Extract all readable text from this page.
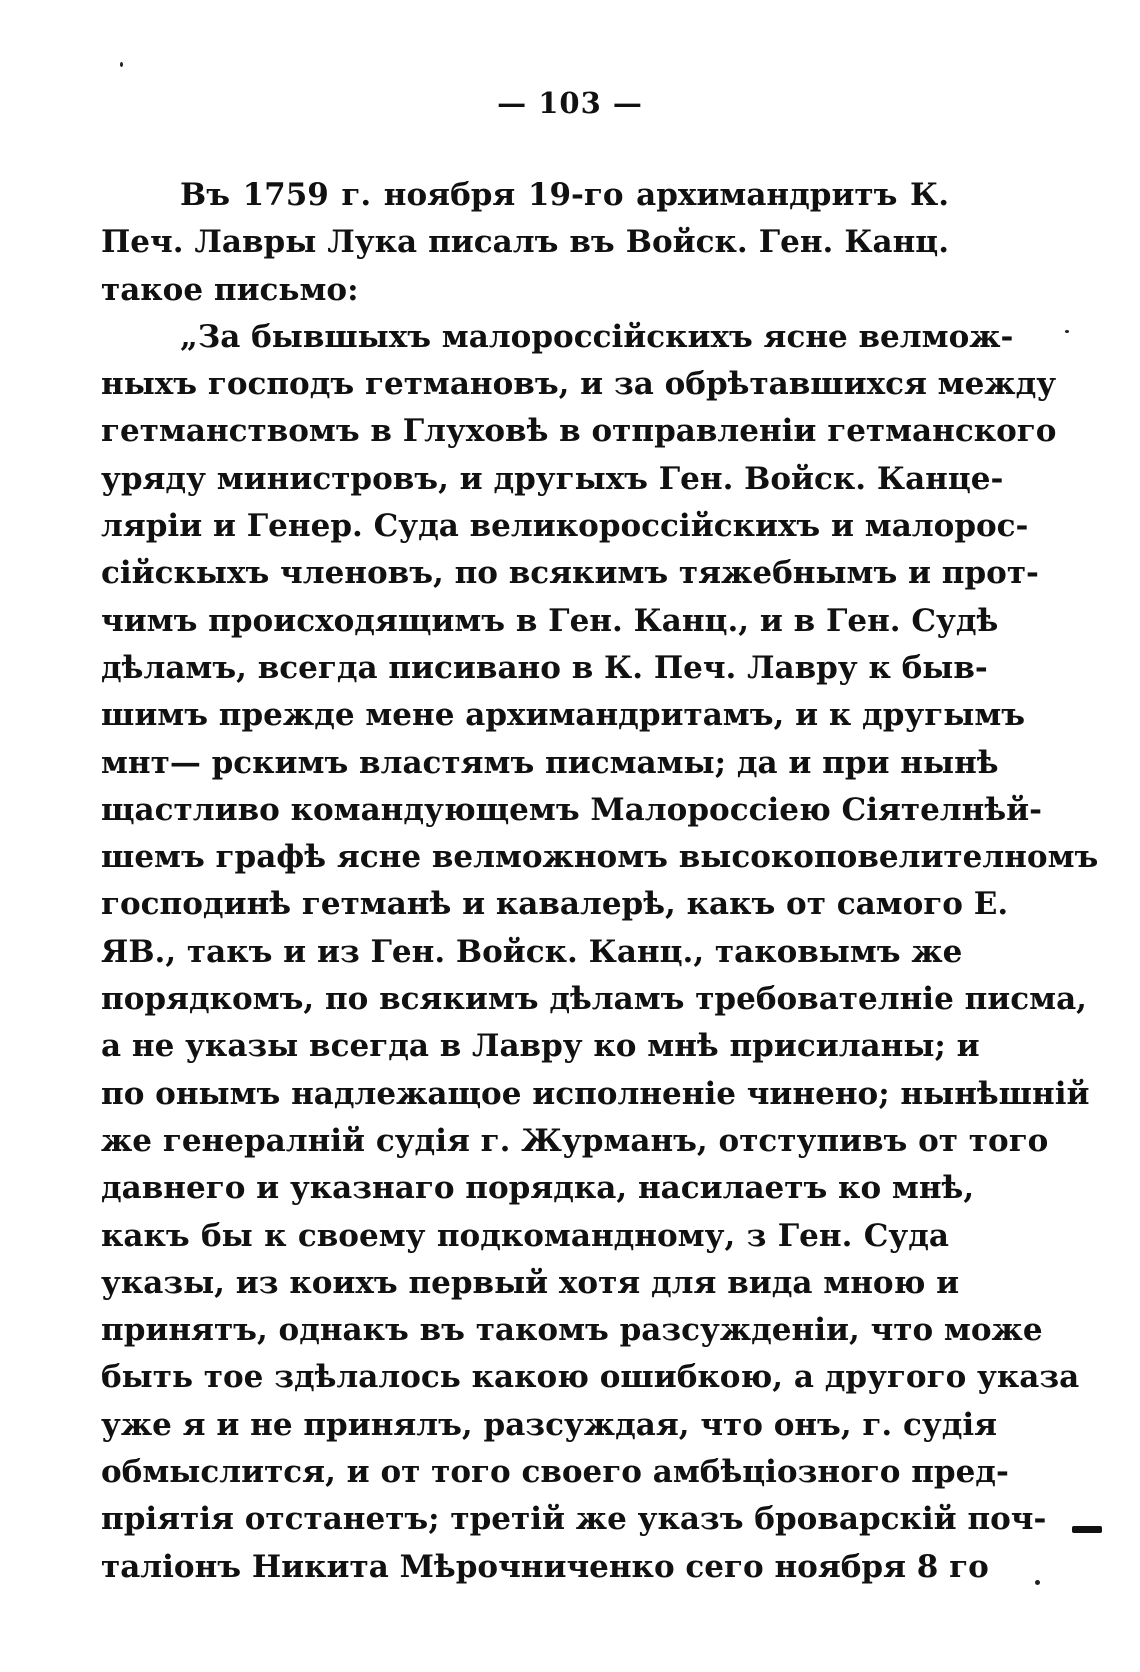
— 103 —
Въ 1759 г. ноября 19-го архимандритъ К.
Печ. Лавры Лука писалъ въ Войск. Ген. Канц.
такое письмо:
„За бывшыхъ малороссійскихъ ясне велмож-
ныхъ господъ гетмановъ, и за обрѣтавшихся между
гетманствомъ в Глуховѣ в отправленіи гетманского
уряду министровъ, и другыхъ Ген. Войск. Канце-
ляріи и Генер. Суда великороссійскихъ и малорос-
сійскыхъ членовъ, по всякимъ тяжебнымъ и прот-
чимъ происходящимъ в Ген. Канц., и в Ген. Судѣ
дѣламъ, всегда писивано в К. Печ. Лавру к быв-
шимъ прежде мене архимандритамъ, и к другымъ
мнт— рскимъ властямъ писмамы; да и при нынѣ
щастливо командующемъ Малороссіею Сіятелнѣй-
шемъ графѣ ясне велможномъ высокоповелителномъ
господинѣ гетманѣ и кавалерѣ, какъ от самого Е.
ЯВ., такъ и из Ген. Войск. Канц., таковымъ же
порядкомъ, по всякимъ дѣламъ требователніе писма,
а не указы всегда в Лавру ко мнѣ присиланы; и
по онымъ надлежащое исполненіе чинено; нынѣшній
же генералній судія г. Журманъ, отступивъ от того
давнего и указнаго порядка, насилаетъ ко мнѣ,
какъ бы к своему подкомандному, з Ген. Суда
указы, из коихъ первый хотя для вида мною и
принятъ, однакъ въ такомъ разсужденіи, что може
быть тое здѣлалось какою ошибкою, а другого указа
уже я и не принялъ, разсуждая, что онъ, г. судія
обмыслится, и от того своего амбѣціозного пред-
пріятія отстанетъ; третій же указъ броварскій поч-
таліонъ Никита Мѣрочниченко сего ноября 8 го
